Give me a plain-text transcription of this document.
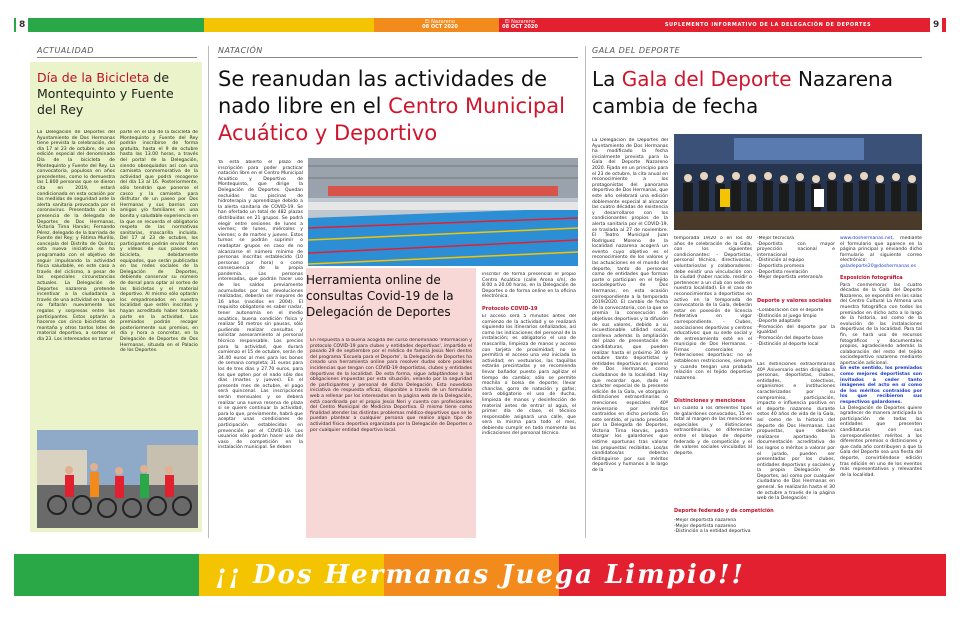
8	9
El Nazareno
08 OCT 2020
El Nazareno
08 OCT 2020	SUPLEMENTO INFORMATIVO DE LA DELEGACIÓN DE DEPORTES
ACTUALIDAD	NATACIÓN	GALA DEL DEPORTE
Día de la Bicicleta de Montequinto y Fuente del Rey
La Delegación de Deportes del Ayuntamiento de Dos Hermanas tiene prevista la celebración, del día 17 al 23 de octubre, de una edición especial del denominado Día de la bicicleta de Montequinto y Fuente del Rey. La convocatoria, populosa en años precedentes, como lo demuestra las 1.800 personas que se dieron cita en 2019, estará condicionada en esta ocasión por las medidas de seguridad ante la alerta sanitaria provocada por el coronavirus. Presentada con la presencia de la delegada de Deportes de Dos Hermanas, Victoria Tirna Harvás; Fernando Pérez, delegado de la barriada de Fuente del Rey; y Fátima Murillo, concejala del Distrito de Quinto; esta nueva iniciativa se ha programado con el objetivo de seguir impulsando la actividad física saludable, en este caso a través del ciclismo, a pesar de las especiales circunstancias actuales. La Delegación de Deportes nazarena pretende incentivar a la ciudadanía a través de una actividad en la que no faltarán nuevamente los regalos y sorpresas entre los participantes. Estos optarán a hacerse con cinco bicicletas de montaña y otros tantos lotes de material deportivo, a sortear el día 23. Los interesados en tomar
parte en el Día de la bicicleta de Montequinto y Fuente del Rey podrán inscribirse de forma gratuita, hasta el 9 de octubre hasta las 13.00 horas, a través del portal de la Delegación, siendo obsequiados así con una camiseta conmemorativa de la actividad que podrá recogerse del día 13 al 16. Posteriormente, sólo tendrán que ponerse el casco y la camiseta para disfrutar de un paseo por Dos Hermanas y sus barrios con amigos y/o familiares en una bonita y saludable experiencia en la que se recuerda el obligatorio respeto de las normativas sanitarias, mascarilla incluida. Del 17 al 23 de octubre, los participantes podrán enviar fotos y vídeos de sus paseos en bicicleta, debidamente equipados, que serán publicadas en las redes sociales de la Delegación de Deportes, debiendo conservar su número de dorsal para optar al sorteo de las bicicletas y el material deportivo. Al mismo sólo optarán los empadronados en nuestra localidad que estén inscritos y hayan acreditado haber tomado parte en la actividad. Los premiados podrán recoger posteriormente sus premios, en día y hora a concretar, en la Delegación de Deportes de Dos Hermanas, situada en el Palacio de los Deportes.
Se reanudan las actividades de nado libre en el Centro Municipal Acuático y Deportivo
Ya está abierto el plazo de inscripción para poder practicar natación libre en el Centro Municipal Acuático y Deportivo de Montequinto, que dirige la Delegación de Deportes. Quedan excluidas las piscinas de hidroterapia y aprendizaje debido a la alerta sanitaria de COVID-19. Se han ofertado un total de 482 plazas distribuidas en 21 grupos. Se podrá elegir entre sesiones de lunes a viernes; de lunes, miércoles y viernes; o de martes y jueves. Estos turnos se podrán suprimir o readaptar grupos en caso de no alcanzarse el número mínimo de personas inscritas establecido (10 personas por hora) o como consecuencia de la propia pandemia. Las personas interesadas, que podrán hacer uso de los saldos previamente acumulados por las devoluciones realizadas, deberán ser mayores de 16 años (nacidos en 2004). El requisito obligatorio es saber nadar, tener autonomía en el medio acuático, buena condición física y realizar 50 metros sin pausas, sólo pudiendo realizar consultas y solicitar asesoramiento al personal técnico responsable. Los precios para la actividad, que durará comienzo el 15 de octubre, serán de 34.40 euros al mes para los bonos de semana completa; 31 euros para los de tres días y 27.70 euros, para los que opten por el nado sólo dos días (martes y jueves). En el presente mes de octubre, el pago será quincenal. Las inscripciones serán mensuales y se deberá realizar una nueva reserva de plaza si se quiere continuar la actividad, para lo que, previamente, habrá que aceptar unas condiciones de participación establecidas en prevención por el COVID-19. Los usuarios sólo podrán hacer uso del vaso de competición en la instalación municipal. Se deben
Herramienta online de consultas Covid-19 de la Delegación de Deportes
En respuesta a la buena acogida del curso denominado 'Información y protocolo COVID-19 para clubes y entidades deportivas', impartido el pasado 29 de septiembre por el médico de familia Jesús Neri dentro del programa 'Escuela para el Deporte', la Delegación de Deportes ha creado una herramienta online para resolver dudas sobre posibles incidencias que tengan con COVID-19 deportistas, clubes y entidades deportivas de la localidad. De esta forma, sigue adaptándose a las obligaciones impuestas por esta situación, velando por la seguridad de participantes y personal de dicha Delegación. Esta novedosa iniciativa de respuesta eficaz, disponible a través de un formulario web a rellenar por los interesados en la página web de la Delegación, está coordinada por el propio Jesús Neri y cuenta con profesionales del Centro Municipal de Medicina Deportiva. El mismo tiene como finalidad atender las distintas problemas médico-deportivos que se le puedan plantear a cualquier persona que realice algún tipo de actividad física deportiva organizada por la Delegación de Deportes o por cualquier entidad deportiva local.
inscribir de forma presencial el propio Centro Acuático (calle Arona s/n), de 8.00 a 20.00 horas, en la Delegación de Deportes o de forma online en la oficina electrónica.
Protocolo COVID-19
El acceso será 5 minutos antes del comienzo de la actividad y se realizará siguiendo los itinerarios señalizados, así como las indicaciones del personal de la instalación; es obligatorio el uso de mascarilla, limpieza de manos y acceso con tarjeta de proximidad; no se permitirá el acceso una vez iniciada la actividad; en vestuarios, las taquillas estarán precintadas y se recomienda llevar bañador puesto para agilizar el tiempo de cambio; sólo se permite mochila o bolsa de deporte; llevar chanclas, gorro de natación y gafas; será obligatorio el uso de ducha, limpieza de manos y desinfección de material antes de entrar al agua, el primer día de clase, el técnico responsable asignará una calle, que será la misma para todo el mes, debiendo cumplir en todo momento las indicaciones del personal técnico.
La Gala del Deporte Nazarena cambia de fecha
La Delegación de Deportes del Ayuntamiento de Dos Hermanas ha modificado la fecha inicialmente prevista para la Gala del Deporte Nazareno 2020. Fijada en un principio para el 23 de octubre, la cita anual en reconocimiento a los protagonistas del panorama deportivo de Dos Hermanas, que este año celebrará una edición doblemente especial al alcanzar las cuatro décadas de existencia y desarrollarse con los condicionantes propios de la alerta sanitaria por el COVID-19, se traslada al 27 de noviembre. El Teatro Municipal Juan Rodríguez Moreno de la localidad nazarena acogerá un evento cuyo objetivo es el reconocimiento de los valores y las actuaciones en el mundo del deporte, tanto de personas como de entidades que forman parte o participan en el tejido sociodeportivo de Dos Hermanas, en esta ocasión correspondiente a la temporada 2019/2020. El cambio de fecha de la convocatoria, con la que se premia la consecución de objetivos deportivos y la difusión de sus valores, debido a su incuestionable utilidad social, conlleva además la ampliación del plazo de presentación de candidaturas, que pueden realizar hasta el próximo 30 de octubre tanto deportistas y entidades deportivas en general de Dos Hermanas, como ciudadanos de la localidad. Hay que recordar que, dado el carácter especial de la presente edición de la Gala, ve otorgarán distinciones extraordinarias o menciones especiales 40º aniversario por méritos contraídos en dicho periodo. En este sentido, el jurado presidido por la Delegada de Deportes, Victoria Tirna Harvás, podrá otorgar los galardones que estime oportunas tras valorar las propuestas recibidas. Los/as candidatos/as deberán distinguirse por sus méritos deportivos y humanos a lo largo de la
temporada 19/20 o en los 40 años de celebración de la Gala, con los siguientes condicionantes: - Deportistas, personal técnico, directivos/as, voluntarios/as y colaboradores: debe existir una vinculación con la ciudad (haber nacido, residir o pertenecer a un club con sede en nuestra localidad). En el caso de reconocimientos a deportistas en activo en la temporada de convocatoria de la Gala, deberán estar en posesión de licencia federativa en vigor correspondiente. - Clubes, asociaciones deportivas y centros educativos: que su sede social y de entrenamiento esté en el municipio de Dos Hermanas. - Firmas comerciales y federaciones deportivas: no se establecen restricciones, siempre y cuando tengan una probada relación con el tejido deportivo nazareno.
Distinciones y menciones
En cuanto a los diferentes tipos de galardones convocados, 15 en total al margen de las menciones especiales y distinciones extraordinarias, se diferencian entre el bloque de deporte federado y de competición y el de valores sociales vinculados al deporte.
Deporte federado y de competición
-Mejor deportista nazarena
-Mejor deportista nazareno
-Distinción a la entidad deportiva
-Mejor técnico/a
-Deportista con mayor proyección nacional e internacional
-Distinción al equipo
-Deportista promesa
-Deportista revelación
-Mejor deportista veterano/a
Deporte y valores sociales
-Colaboración con el deporte
-Distinción al juego limpio
-Deporte adaptado
-Promoción del deporte por la igualdad
-Promoción del deporte base
-Distinción al deporte local
Las distinciones extraordinarias 40º Aniversario están dirigidas a personas, deportistas, clubes, entidades, colectivos, organismos e instituciones caracterizados por su compromiso, participación, impacto e influencia positiva en el deporte nazareno durante estos 40 años de vida de la Gala, así como de la historia del deporte de Dos Hermanas. Las propuestas, que deberán realizarse aportando la documentación acreditativa de los logros o méritos a valorar por el jurado, pueden ser presentadas por los clubes, entidades deportivas y sociales y la propia Delegación de Deportes, así como por cualquier ciudadano de Dos Hermanas en general. Se realizarán hasta el 30 de octubre a través de la página web de la Delegación:
www.doshermanas.net, mediante el formulario que aparece en la página principal y enviando dicho formulario al siguiente correo electrónico:
galadeporte20@doshermanas.es
Exposición fotográfica
Para conmemorar las cuatro décadas de la Gala del Deporte Nazareno, se expondrá en las salas del Centro Cultural La Almona una muestra fotográfica con todos los premiados en dicho acto a lo largo de la historia, así como de la evolución de las instalaciones deportivas de la localidad. Para tal fin, se hará uso de recursos fotográficos y documentales propios, agradeciendo además la colaboración del resto del tejido sociodeportivo nazareno mediante aportación adicional.
En este sentido, los premiados como mejores deportistas son invitados a ceder tanto imágenes del acto en sí como de los méritos contraídos por los que recibieron sus respectivos galardones.
La Delegación de Deportes quiere agradecer de manera anticipada la participación de todas las entidades que presenten candidaturas con sus correspondientes méritos a los diferentes premios o distinciones y que cada año contribuyen a que la Gala del Deporte sea una fiesta del deporte, convirtiéndose edición tras edición en uno de los eventos más representativos y relevantes de la localidad.
¡¡ Dos Hermanas Juega Limpio!!
